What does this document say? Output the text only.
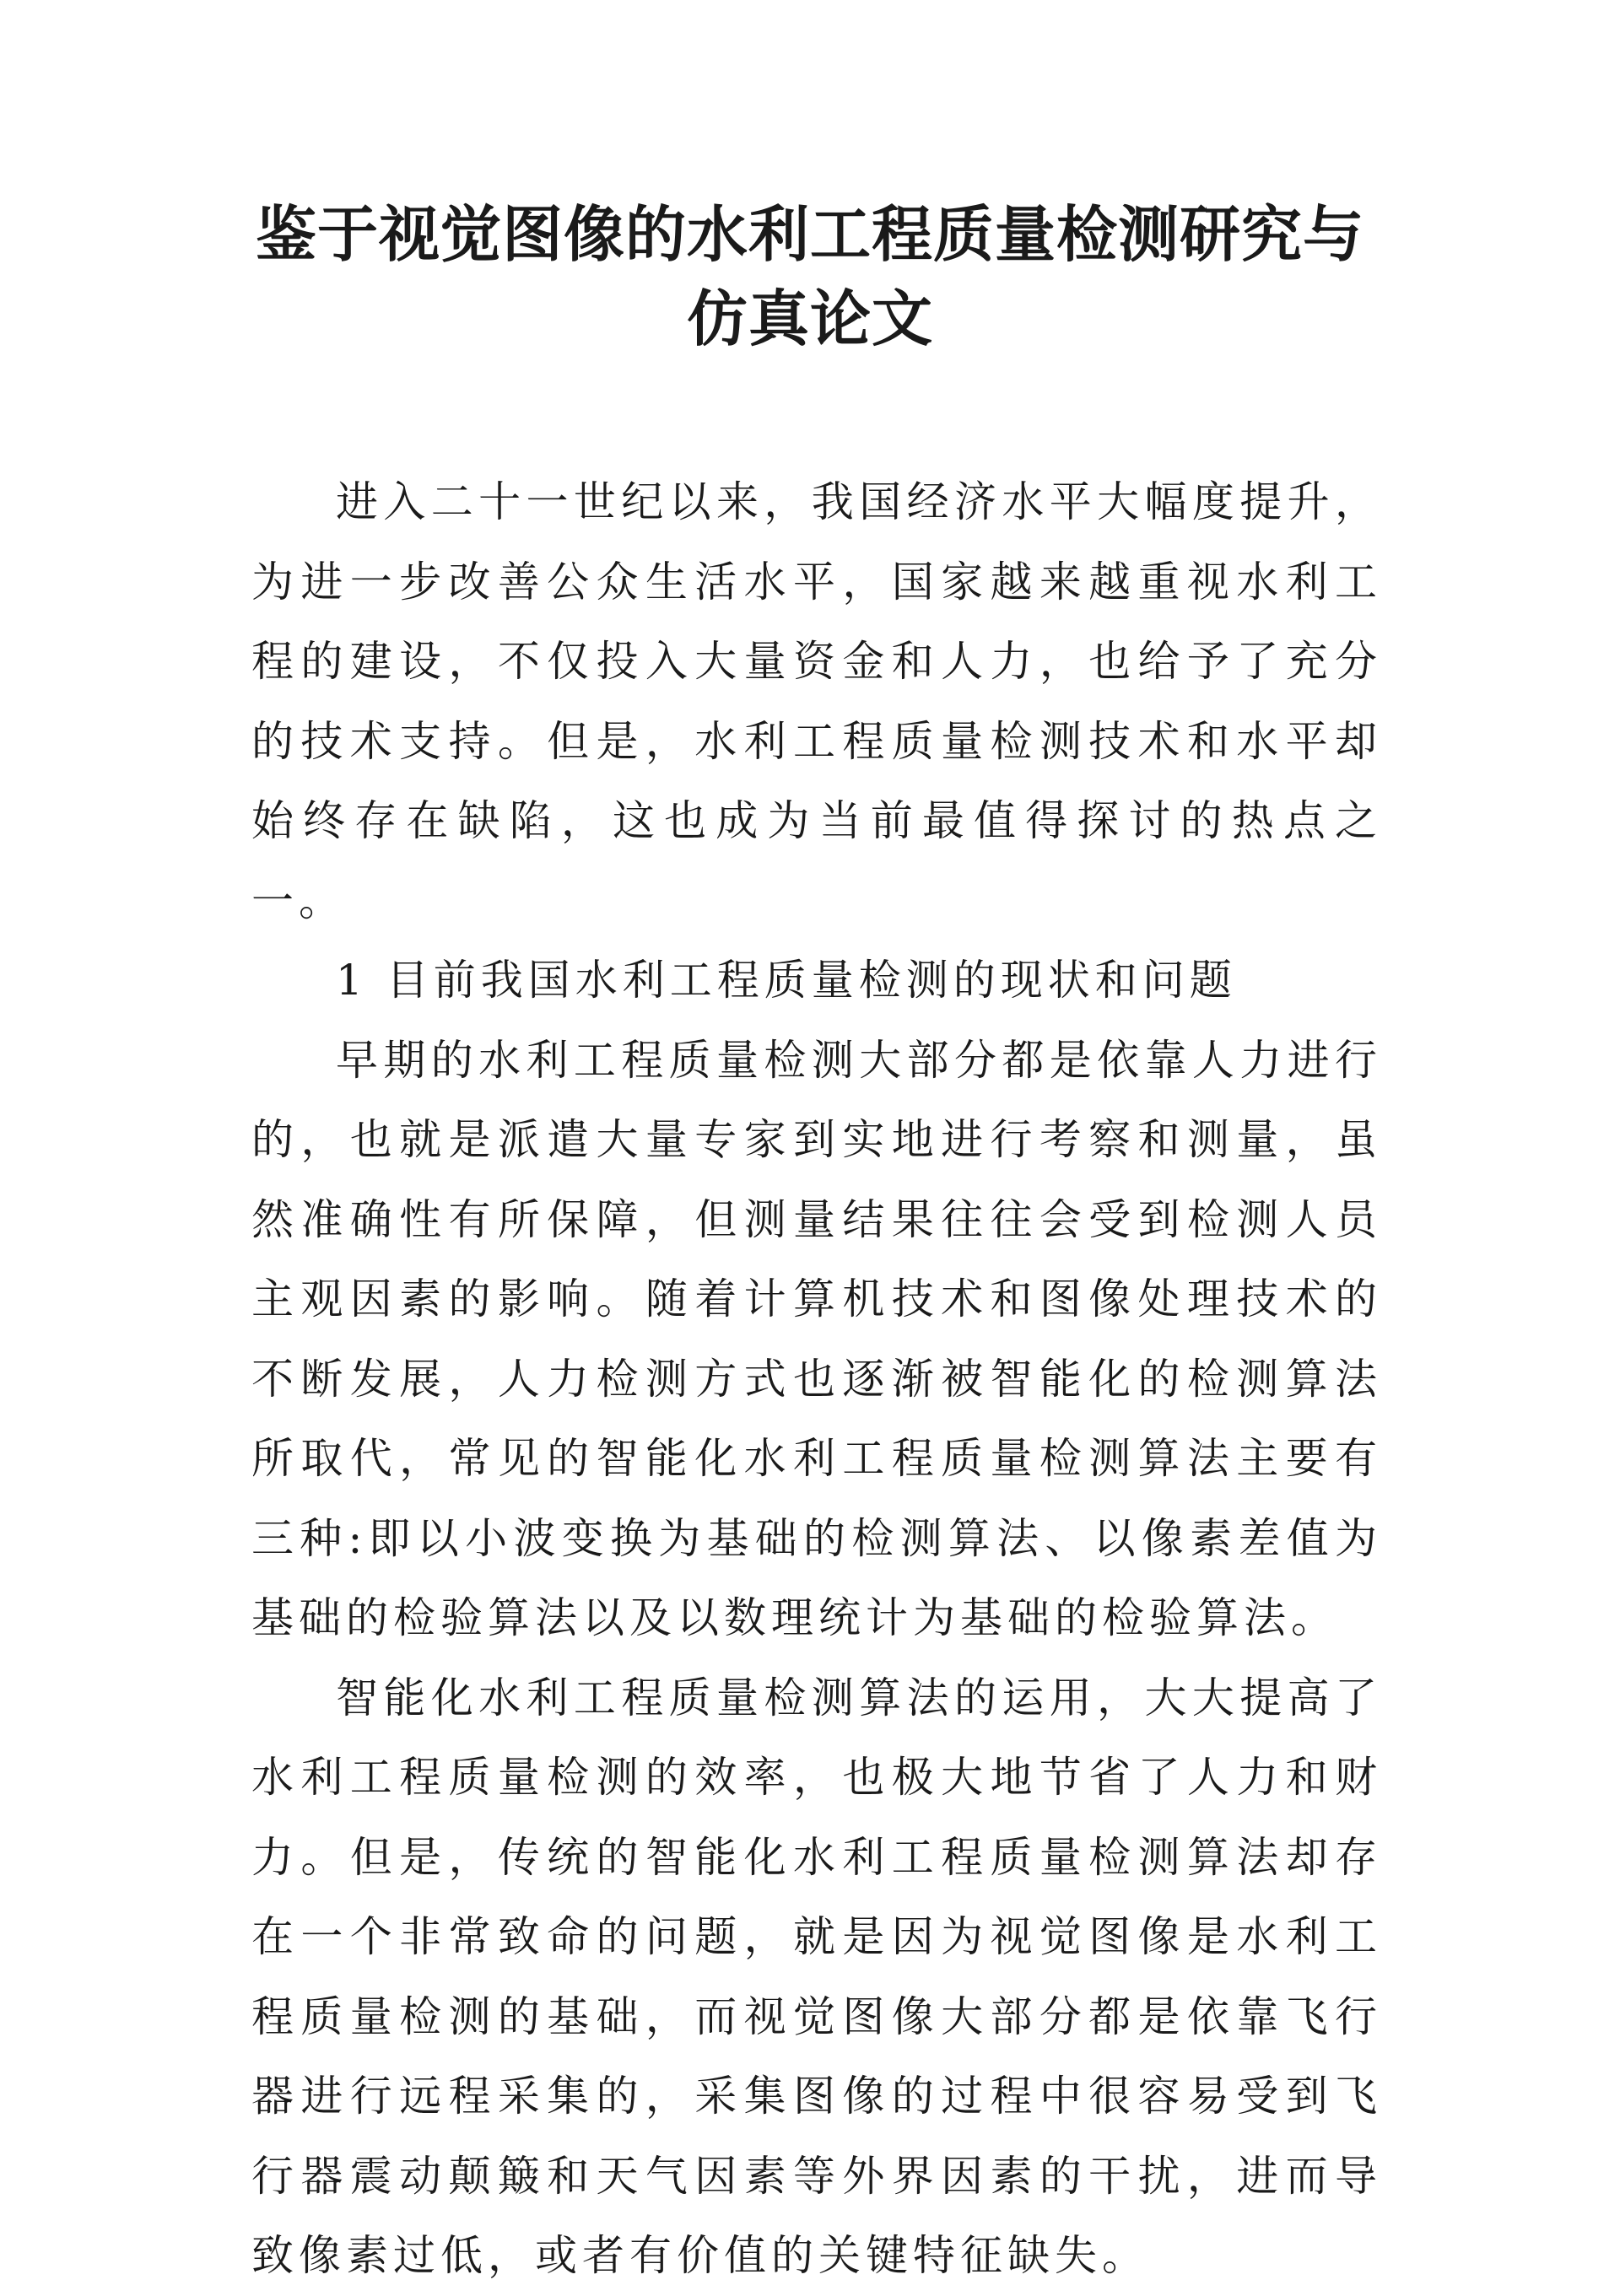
鉴于视觉图像的水利工程质量检测研究与
仿真论文

进入二十一世纪以来，我国经济水平大幅度提升，为进一步改善公众生活水平，国家越来越重视水利工程的建设，不仅投入大量资金和人力，也给予了充分的技术支持。但是，水利工程质量检测技术和水平却始终存在缺陷，这也成为当前最值得探讨的热点之一。

1 目前我国水利工程质量检测的现状和问题

早期的水利工程质量检测大部分都是依靠人力进行的，也就是派遣大量专家到实地进行考察和测量，虽然准确性有所保障，但测量结果往往会受到检测人员主观因素的影响。随着计算机技术和图像处理技术的不断发展，人力检测方式也逐渐被智能化的检测算法所取代，常见的智能化水利工程质量检测算法主要有三种:即以小波变换为基础的检测算法、以像素差值为基础的检验算法以及以数理统计为基础的检验算法。

智能化水利工程质量检测算法的运用，大大提高了水利工程质量检测的效率，也极大地节省了人力和财力。但是，传统的智能化水利工程质量检测算法却存在一个非常致命的问题，就是因为视觉图像是水利工程质量检测的基础，而视觉图像大部分都是依靠飞行器进行远程采集的，采集图像的过程中很容易受到飞行器震动颠簸和天气因素等外界因素的干扰，进而导致像素过低，或者有价值的关键特征缺失。
